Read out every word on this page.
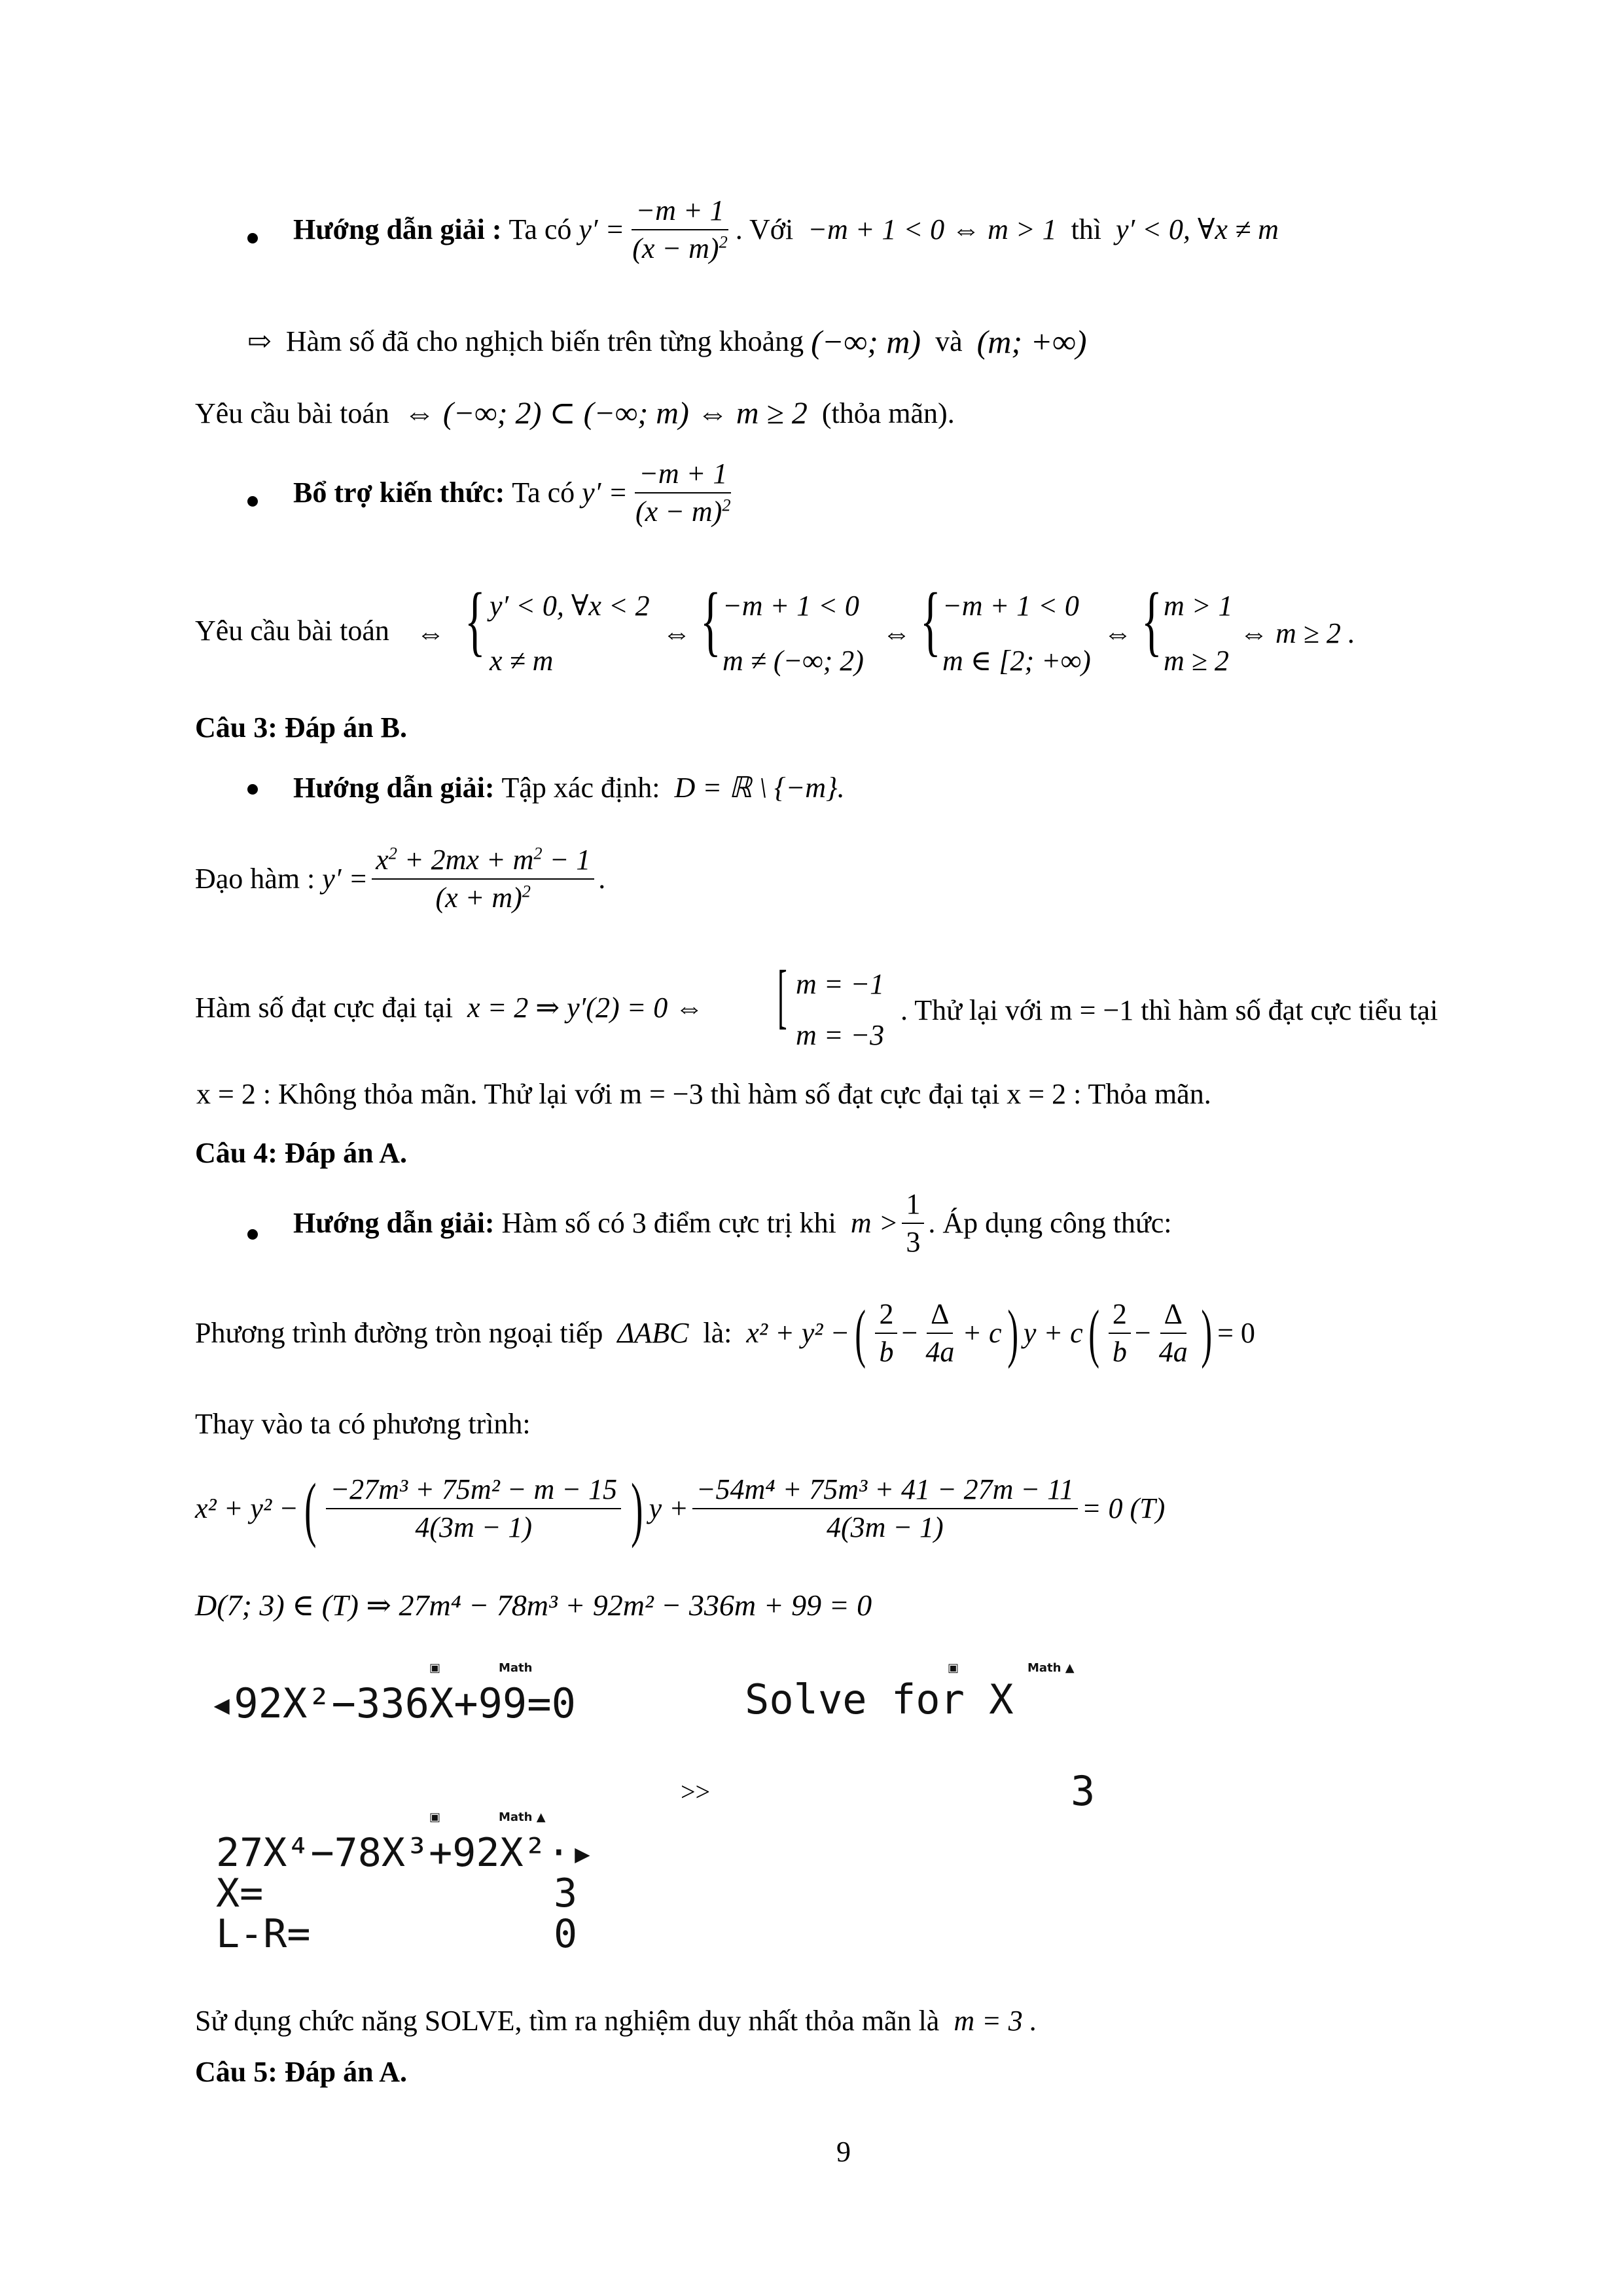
Hướng dẫn giải :
Ta có
$y' = \frac{-m + 1}{(x - m)^2}$ . Với
−m + 1 < 0 ⇔ m > 1
thì
y′ < 0, ∀x ≠ m
⇨
Hàm số đã cho nghịch biến trên từng khoảng
(−∞; m)
và
(m; +∞)
Yêu cầu bài toán
⇔ (−∞; 2) ⊂ (−∞; m) ⇔ m ≥ 2
(thỏa mãn).
Bổ trợ kiến thức:
Ta có
$y' = \frac{-m + 1}{(x - m)^2}$
Yêu cầu bài toán ⇔ { y′ < 0, ∀x < 2
x ≠ m
⇔ { −m + 1 < 0
m ≠ (−∞; 2)
⇔ { −m + 1 < 0
m ∈ [2; +∞)
⇔ { m > 1
m ≥ 2
⇔ m ≥ 2 .
Câu 3: Đáp án B.
Hướng dẫn giải:
Tập xác định:
D = ℝ \ {−m}.
Đạo hàm :
$y' = \frac{x^2 + 2mx + m^2 - 1}{(x + m)^2}$ .
Hàm số đạt cực đại tại
x = 2 ⇒ y′(2) = 0 ⇔ [ m = −1
m = −3
. Thử lại với m = −1 thì hàm số đạt cực tiểu tại
x = 2 : Không thỏa mãn. Thử lại với m = −3 thì hàm số đạt cực đại tại x = 2 : Thỏa mãn.
Câu 4: Đáp án A.
Hướng dẫn giải:
Hàm số có 3 điểm cực trị khi
$m > \frac{1}{3}$ . Áp dụng công thức:
Phương trình đường tròn ngoại tiếp
ΔABC
là:
x² + y² − ( $\frac{2}{b} - \frac{\Delta}{4a} + c$ ) y + c ( $\frac{2}{b} - \frac{\Delta}{4a}$ ) = 0
Thay vào ta có phương trình:
x² + y² − ( $\frac{\text{−27m³ + 75m² − m − 15}}{4(3m - 1)}$ ) $y + \frac{\text{−54m⁴ + 75m³ + 41 − 27m − 11}}{4(3m - 1)} = 0$ (T)
D(7; 3) ∈ (T) ⇒ 27m⁴ − 78m³ + 92m² − 336m + 99 = 0
▣	Math
◂92X²−336X+99=0
▣	Math ▲
Solve for X
3
>>
▣	Math ▲
27X⁴−78X³+92X²·▸
X=	3
L-R=	0
Sử dụng chức năng SOLVE, tìm ra nghiệm duy nhất thỏa mãn là
m = 3 .
Câu 5: Đáp án A.
9
